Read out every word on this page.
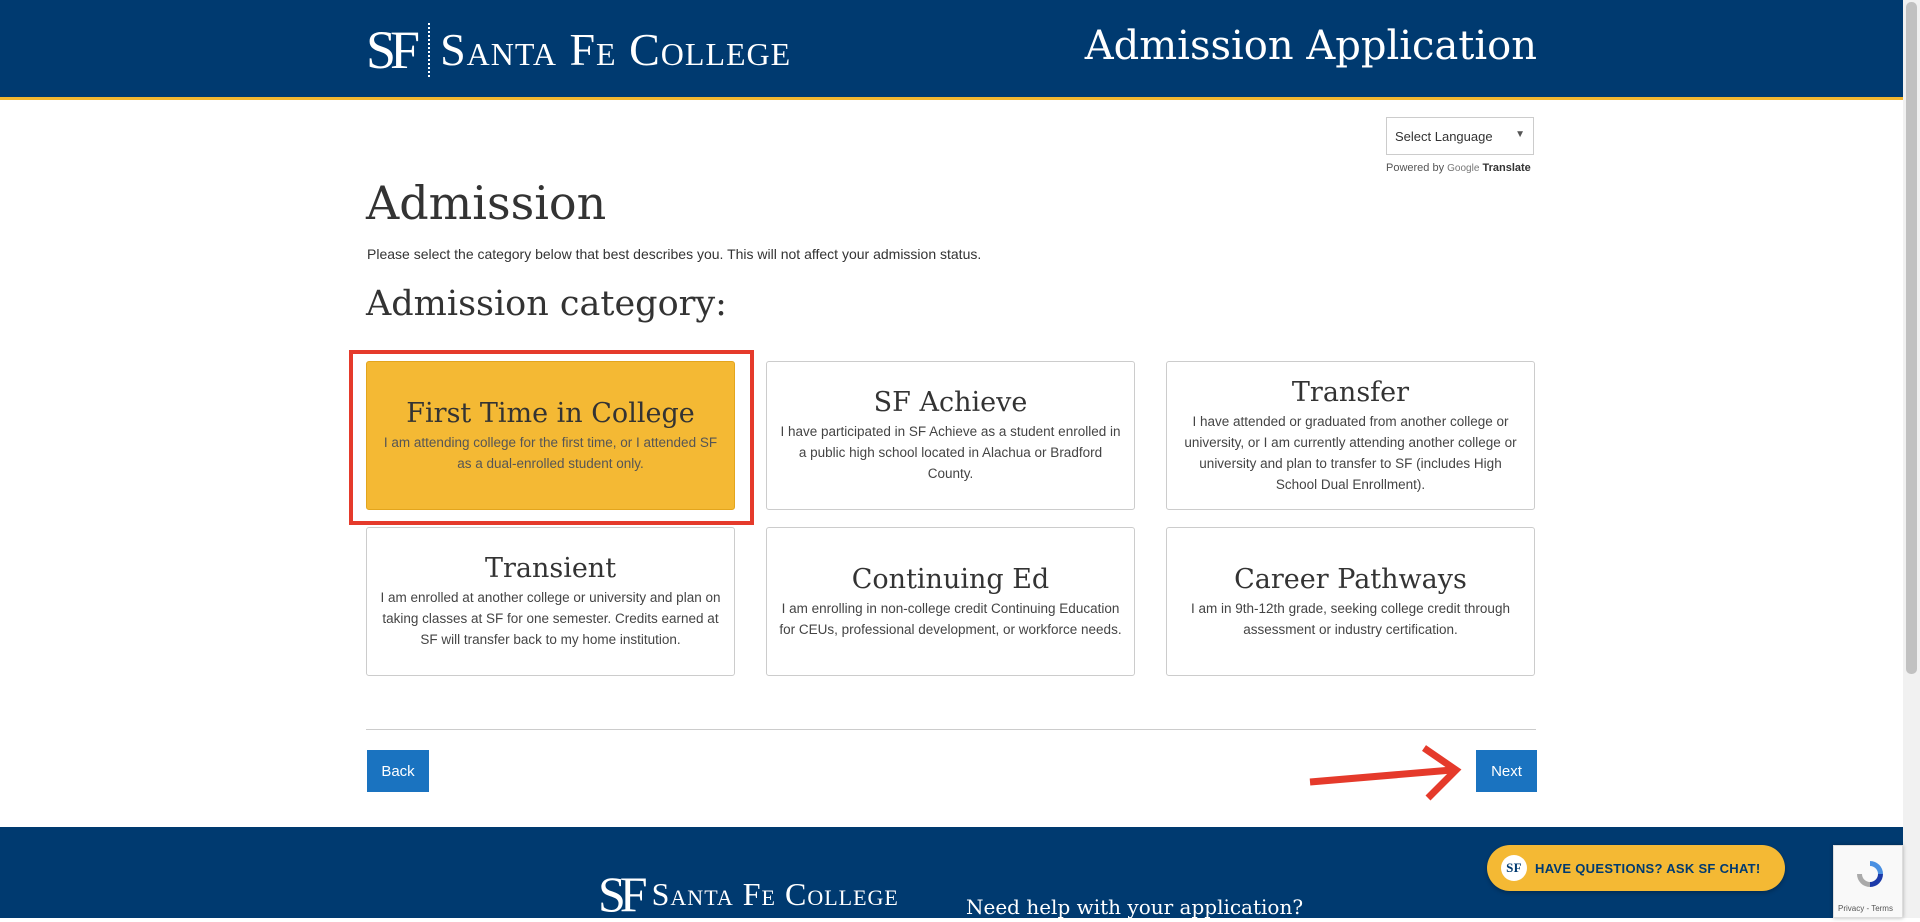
SF Santa Fe College	Admission Application
Select Language ▼
Powered by Google Translate
Admission
Please select the category below that best describes you. This will not affect your admission status.
Admission category:
First Time in College
I am attending college for the first time, or I attended SF as a dual-enrolled student only.
SF Achieve
I have participated in SF Achieve as a student enrolled in a public high school located in Alachua or Bradford County.
Transfer
I have attended or graduated from another college or university, or I am currently attending another college or university and plan to transfer to SF (includes High School Dual Enrollment).
Transient
I am enrolled at another college or university and plan on taking classes at SF for one semester. Credits earned at SF will transfer back to my home institution.
Continuing Ed
I am enrolling in non-college credit Continuing Education for CEUs, professional development, or workforce needs.
Career Pathways
I am in 9th-12th grade, seeking college credit through assessment or industry certification.
Back	Next
SF Santa Fe College	Need help with your application?
SF	HAVE QUESTIONS? ASK SF CHAT!
Privacy - Terms
